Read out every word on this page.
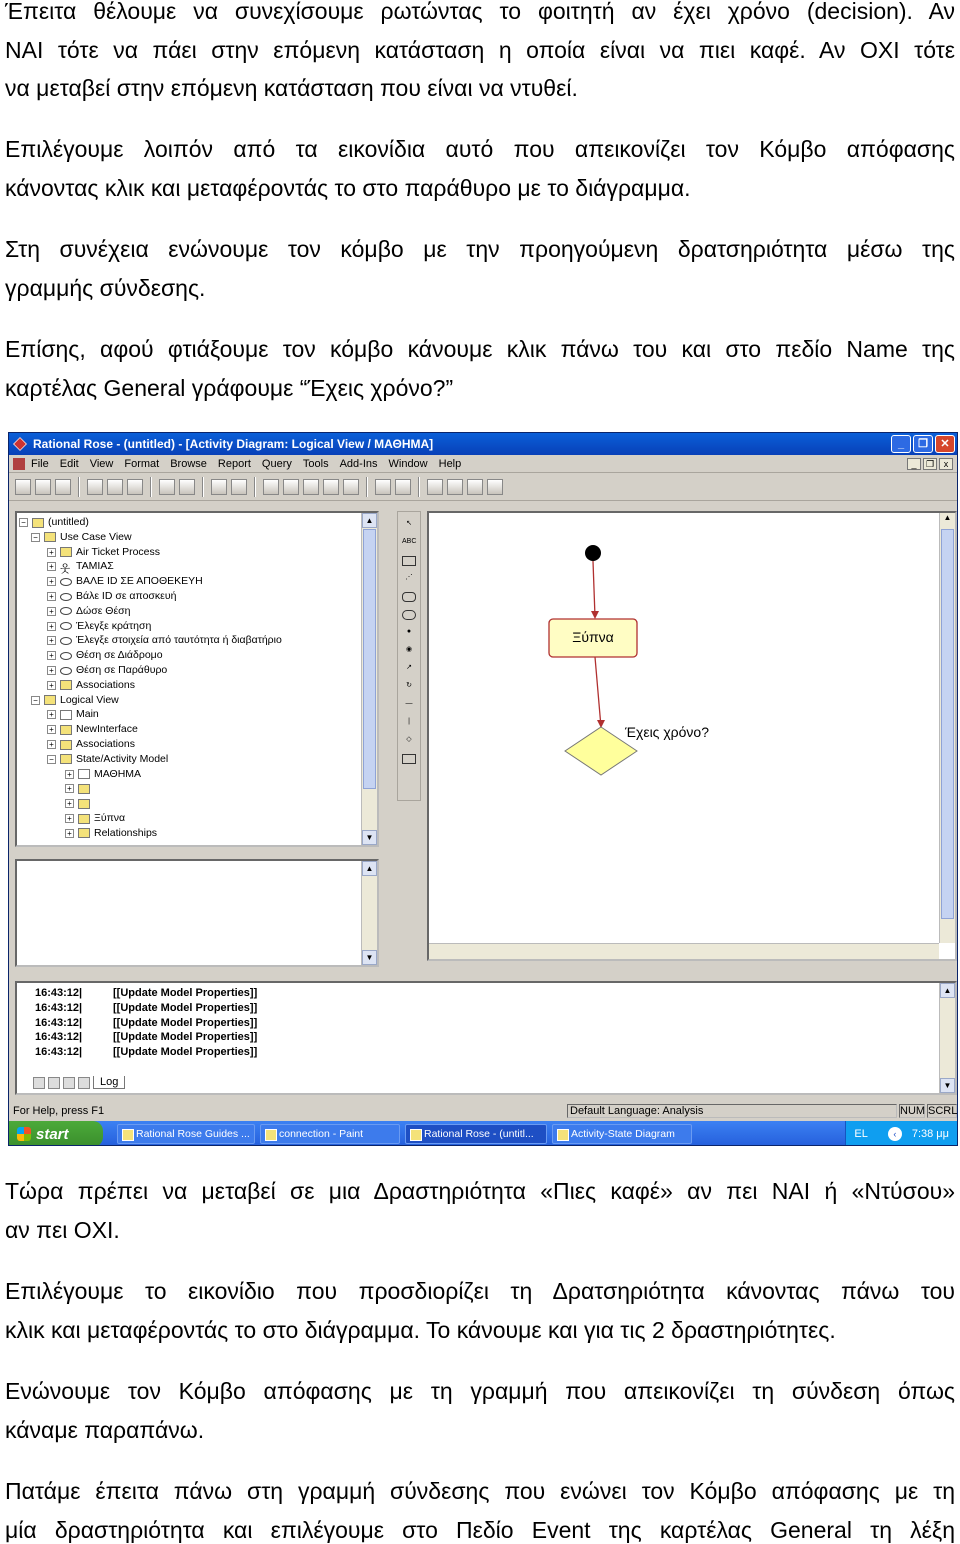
Έπειτα θέλουμε να συνεχίσουμε ρωτώντας το φοιτητή αν έχει χρόνο (decision). Αν
ΝΑΙ τότε να πάει στην επόμενη κατάσταση η οποία είναι να πιει καφέ. Αν ΟΧΙ τότε
να μεταβεί στην επόμενη κατάσταση που είναι να ντυθεί.
Επιλέγουμε λοιπόν από τα εικονίδια αυτό που απεικονίζει τον Κόμβο απόφασης
κάνοντας κλικ και μεταφέροντάς το στο παράθυρο με το διάγραμμα.
Στη συνέχεια ενώνουμε τον κόμβο με την προηγούμενη δρατσηριότητα μέσω της
γραμμής σύνδεσης.
Επίσης, αφού φτιάξουμε τον κόμβο κάνουμε κλικ πάνω του και στο πεδίο Name της
καρτέλας General γράφουμε “Έχεις χρόνο?”
Rational Rose - (untitled) - [Activity Diagram: Logical View / ΜΑΘΗΜΑ]	_	❐	✕
File Edit View Format Browse Report Query Tools Add-Ins Window Help	_	❐	x
− (untitled)
− Use Case View
+ Air Ticket Process
+ 웃 ΤΑΜΙΑΣ
+ ΒΑΛΕ ID ΣΕ ΑΠΟΘΕΚΕΥΗ
+ Βάλε ID σε αποσκευή
+ Δώσε Θέση
+ Έλεγξε κράτηση
+ Έλεγξε στοιχεία από ταυτότητα ή διαβατήριο
+ Θέση σε Διάδρομο
+ Θέση σε Παράθυρο
+ Associations
− Logical View
+ Main
+ NewInterface
+ Associations
− State/Activity Model
+ ΜΑΘΗΜΑ
+
+
+ Ξύπνα
+ Relationships
▲
▼
▲
▼
↖
ABC
⋰
●
◉
↗
↻
—
|
◇
Ξύπνα
Έχεις χρόνο?
▲
16:43:12|	[[Update Model Properties]]
16:43:12|	[[Update Model Properties]]
16:43:12|	[[Update Model Properties]]
16:43:12|	[[Update Model Properties]]
16:43:12|	[[Update Model Properties]]
Log
▲
▼
For Help, press F1	Default Language: Analysis	NUM SCRL
start	Rational Rose Guides ...	connection - Paint	Rational Rose - (untitl...	Activity-State Diagram	EL	‹	7:38 μμ
Τώρα πρέπει να μεταβεί σε μια Δραστηριότητα «Πιες καφέ» αν πει ΝΑΙ ή «Ντύσου»
αν πει ΟΧΙ.
Επιλέγουμε το εικονίδιο που προσδιορίζει τη Δρατσηριότητα κάνοντας πάνω του
κλικ και μεταφέροντάς το στο διάγραμμα. Το κάνουμε και για τις 2 δραστηριότητες.
Ενώνουμε τον Κόμβο απόφασης με τη γραμμή που απεικονίζει τη σύνδεση όπως
κάναμε παραπάνω.
Πατάμε έπειτα πάνω στη γραμμή σύνδεσης που ενώνει τον Κόμβο απόφασης με τη
μία δραστηριότητα και επιλέγουμε στο Πεδίο Event της καρτέλας General τη λέξη
